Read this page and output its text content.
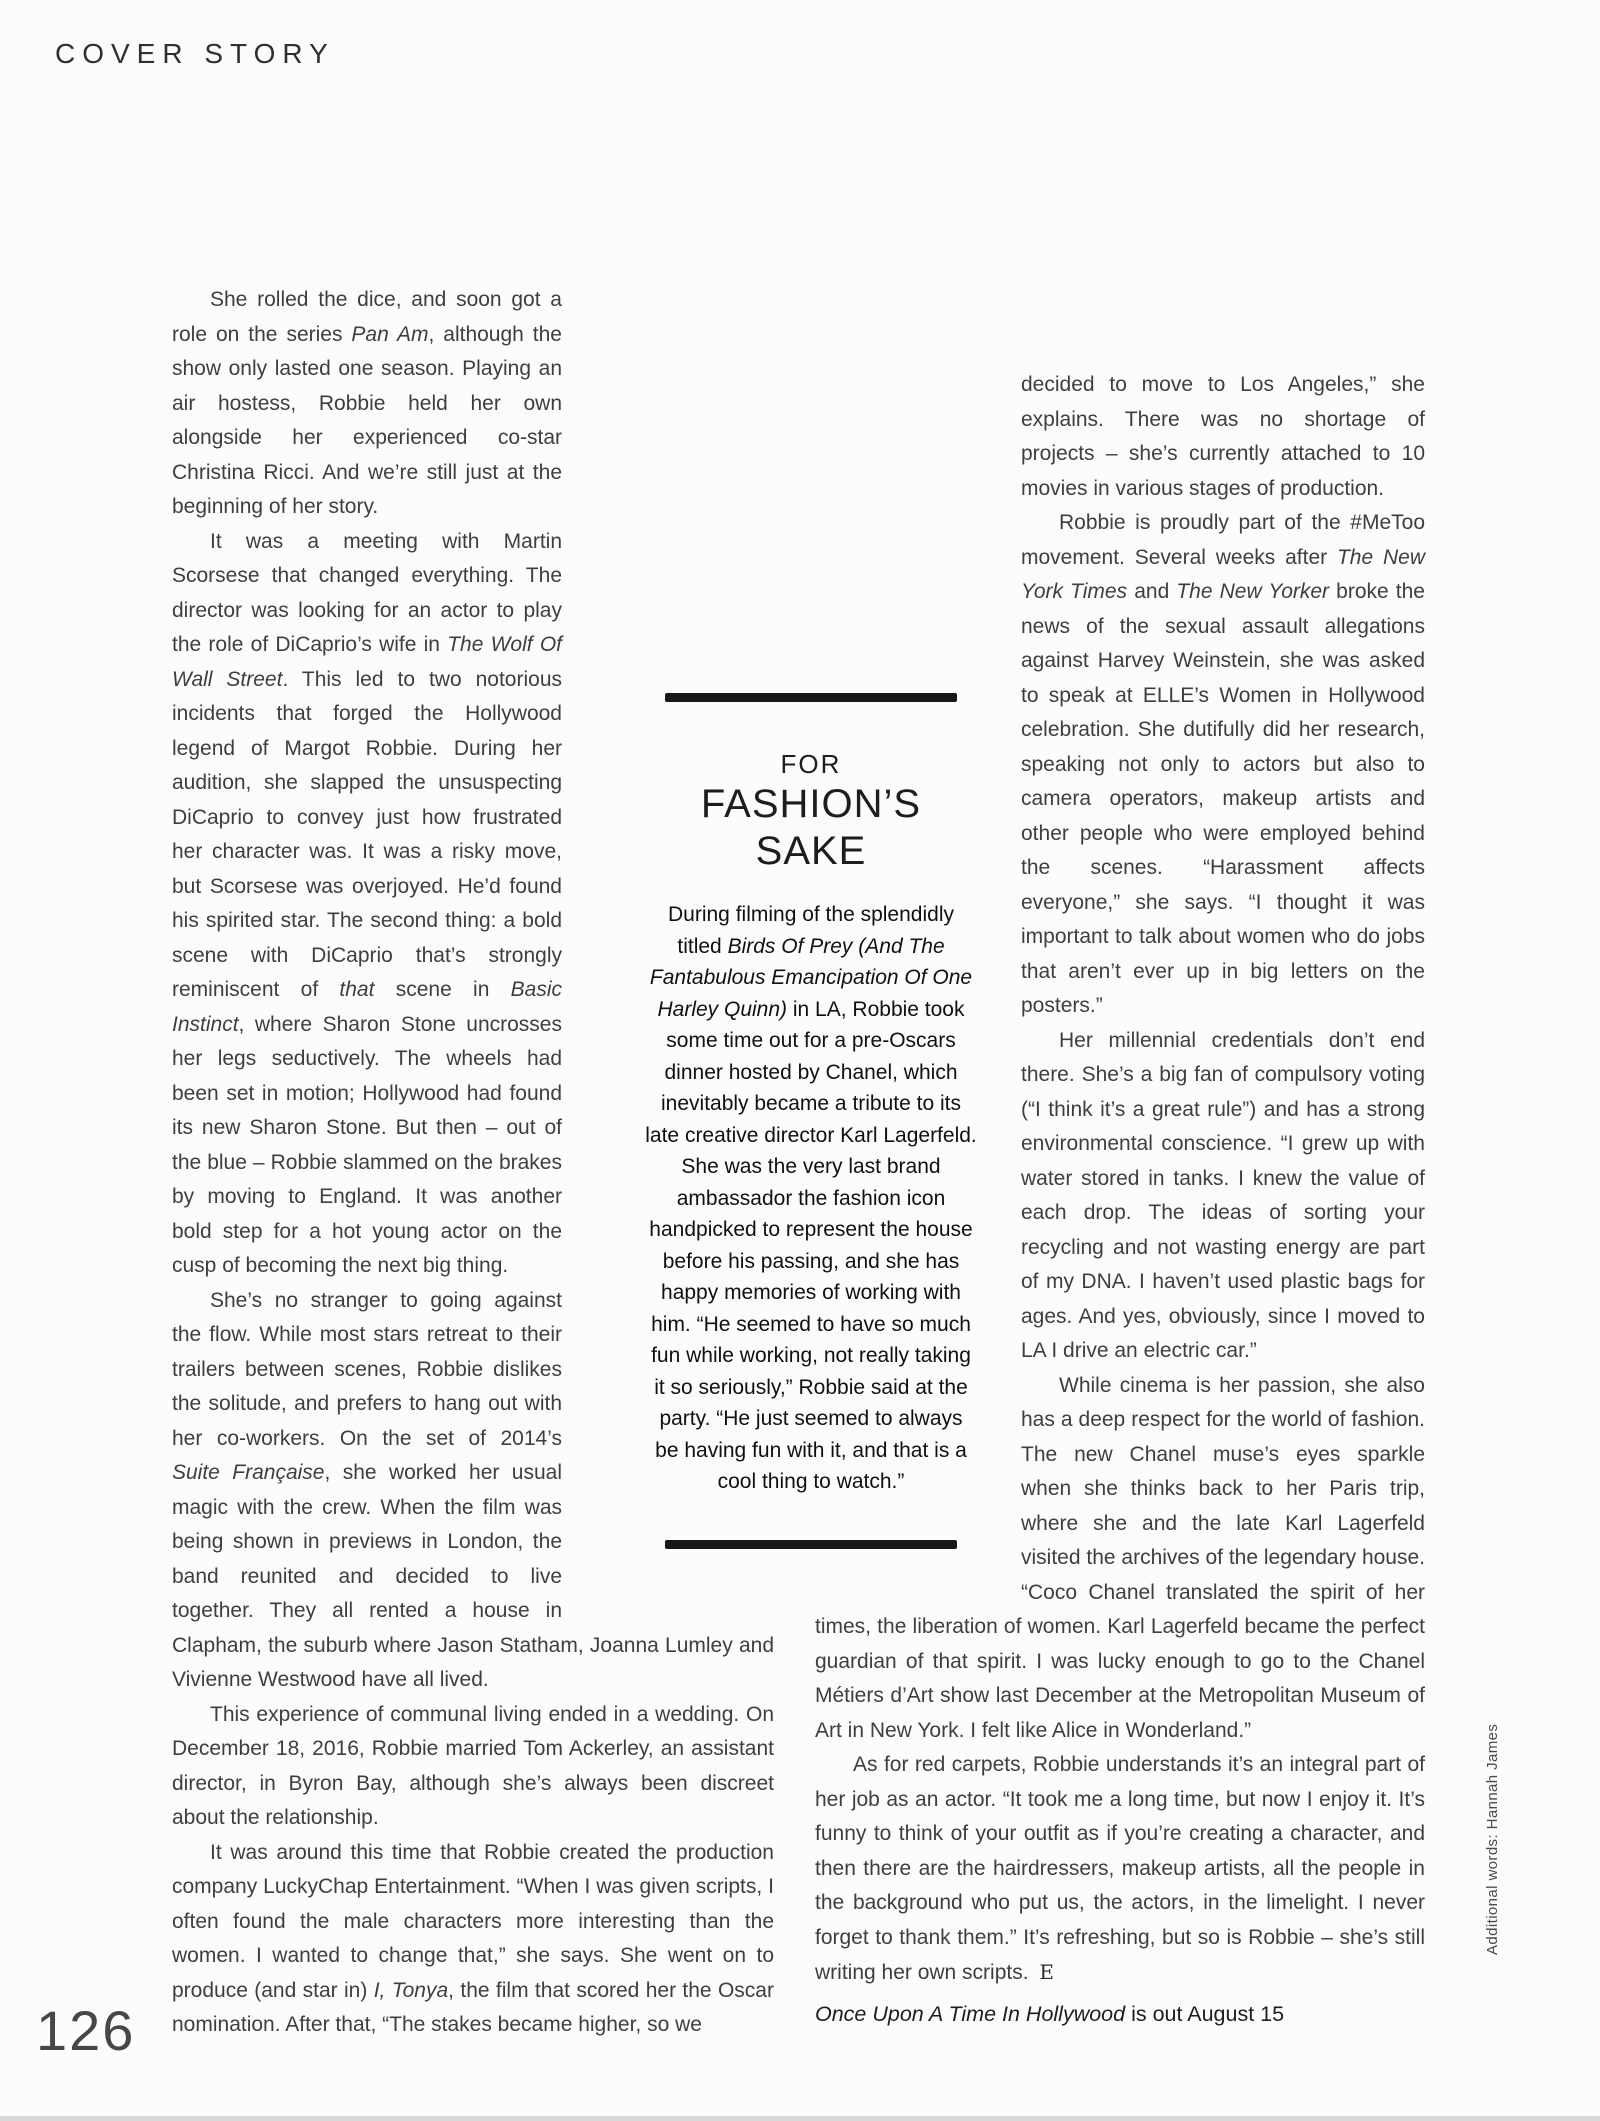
COVER STORY

She rolled the dice, and soon got a role on the series Pan Am, although the show only lasted one season. Playing an air hostess, Robbie held her own alongside her experienced co-star Christina Ricci. And we’re still just at the beginning of her story.

It was a meeting with Martin Scorsese that changed everything. The director was looking for an actor to play the role of DiCaprio’s wife in The Wolf Of Wall Street. This led to two notorious incidents that forged the Hollywood legend of Margot Robbie. During her audition, she slapped the unsuspecting DiCaprio to convey just how frustrated her character was. It was a risky move, but Scorsese was overjoyed. He’d found his spirited star. The second thing: a bold scene with DiCaprio that’s strongly reminiscent of that scene in Basic Instinct, where Sharon Stone uncrosses her legs seductively. The wheels had been set in motion; Hollywood had found its new Sharon Stone. But then – out of the blue – Robbie slammed on the brakes by moving to England. It was another bold step for a hot young actor on the cusp of becoming the next big thing.

She’s no stranger to going against the flow. While most stars retreat to their trailers between scenes, Robbie dislikes the solitude, and prefers to hang out with her co-workers. On the set of 2014’s Suite Française, she worked her usual magic with the crew. When the film was being shown in previews in London, the band reunited and decided to live together. They all rented a house in Clapham, the suburb where Jason Statham, Joanna Lumley and Vivienne Westwood have all lived.

This experience of communal living ended in a wedding. On December 18, 2016, Robbie married Tom Ackerley, an assistant director, in Byron Bay, although she’s always been discreet about the relationship.

It was around this time that Robbie created the production company LuckyChap Entertainment. “When I was given scripts, I often found the male characters more interesting than the women. I wanted to change that,” she says. She went on to produce (and star in) I, Tonya, the film that scored her the Oscar nomination. After that, “The stakes became higher, so we

decided to move to Los Angeles,” she explains. There was no shortage of projects – she’s currently attached to 10 movies in various stages of production.

Robbie is proudly part of the #MeToo movement. Several weeks after The New York Times and The New Yorker broke the news of the sexual assault allegations against Harvey Weinstein, she was asked to speak at ELLE’s Women in Hollywood celebration. She dutifully did her research, speaking not only to actors but also to camera operators, makeup artists and other people who were employed behind the scenes. “Harassment affects everyone,” she says. “I thought it was important to talk about women who do jobs that aren’t ever up in big letters on the posters.”

Her millennial credentials don’t end there. She’s a big fan of compulsory voting (“I think it’s a great rule”) and has a strong environmental conscience. “I grew up with water stored in tanks. I knew the value of each drop. The ideas of sorting your recycling and not wasting energy are part of my DNA. I haven’t used plastic bags for ages. And yes, obviously, since I moved to LA I drive an electric car.”

While cinema is her passion, she also has a deep respect for the world of fashion. The new Chanel muse’s eyes sparkle when she thinks back to her Paris trip, where she and the late Karl Lagerfeld visited the archives of the legendary house. “Coco Chanel translated the spirit of her times, the liberation of women. Karl Lagerfeld became the perfect guardian of that spirit. I was lucky enough to go to the Chanel Métiers d’Art show last December at the Metropolitan Museum of Art in New York. I felt like Alice in Wonderland.”

As for red carpets, Robbie understands it’s an integral part of her job as an actor. “It took me a long time, but now I enjoy it. It’s funny to think of your outfit as if you’re creating a character, and then there are the hairdressers, makeup artists, all the people in the background who put us, the actors, in the limelight. I never forget to thank them.” It’s refreshing, but so is Robbie – she’s still writing her own scripts. E

Once Upon A Time In Hollywood is out August 15

FOR
FASHION’S
SAKE
During filming of the splendidly titled Birds Of Prey (And The Fantabulous Emancipation Of One Harley Quinn) in LA, Robbie took some time out for a pre-Oscars dinner hosted by Chanel, which inevitably became a tribute to its late creative director Karl Lagerfeld. She was the very last brand ambassador the fashion icon handpicked to represent the house before his passing, and she has happy memories of working with him. “He seemed to have so much fun while working, not really taking it so seriously,” Robbie said at the party. “He just seemed to always be having fun with it, and that is a cool thing to watch.”
Additional words: Hannah James
126
